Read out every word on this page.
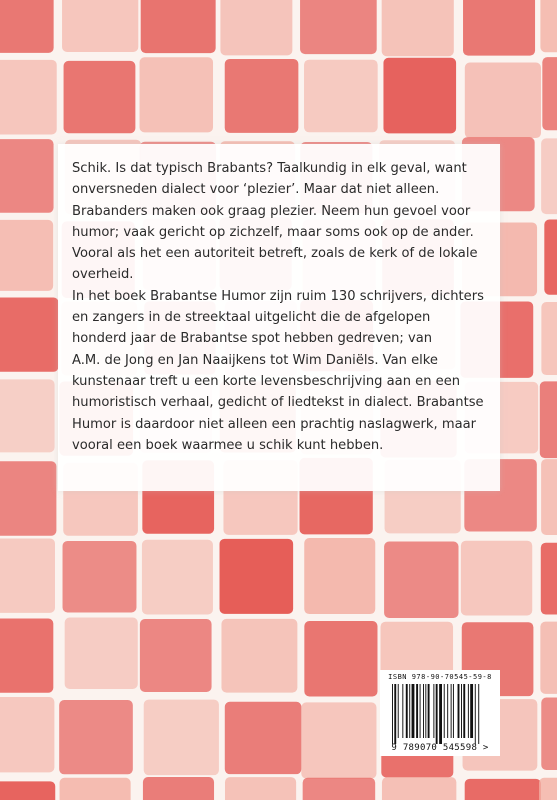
Schik. Is dat typisch Brabants? Taalkundig in elk geval, want
onversneden dialect voor ‘plezier’. Maar dat niet alleen.
Brabanders maken ook graag plezier. Neem hun gevoel voor
humor; vaak gericht op zichzelf, maar soms ook op de ander.
Vooral als het een autoriteit betreft, zoals de kerk of de lokale
overheid.
In het boek Brabantse Humor zijn ruim 130 schrijvers, dichters
en zangers in de streektaal uitgelicht die de afgelopen
honderd jaar de Brabantse spot hebben gedreven; van
A.M. de Jong en Jan Naaijkens tot Wim Daniëls. Van elke
kunstenaar treft u een korte levensbeschrijving aan en een
humoristisch verhaal, gedicht of liedtekst in dialect. Brabantse
Humor is daardoor niet alleen een prachtig naslagwerk, maar
vooral een boek waarmee u schik kunt hebben.

ISBN 978-90-70545-59-8
9 789070 545598 >
